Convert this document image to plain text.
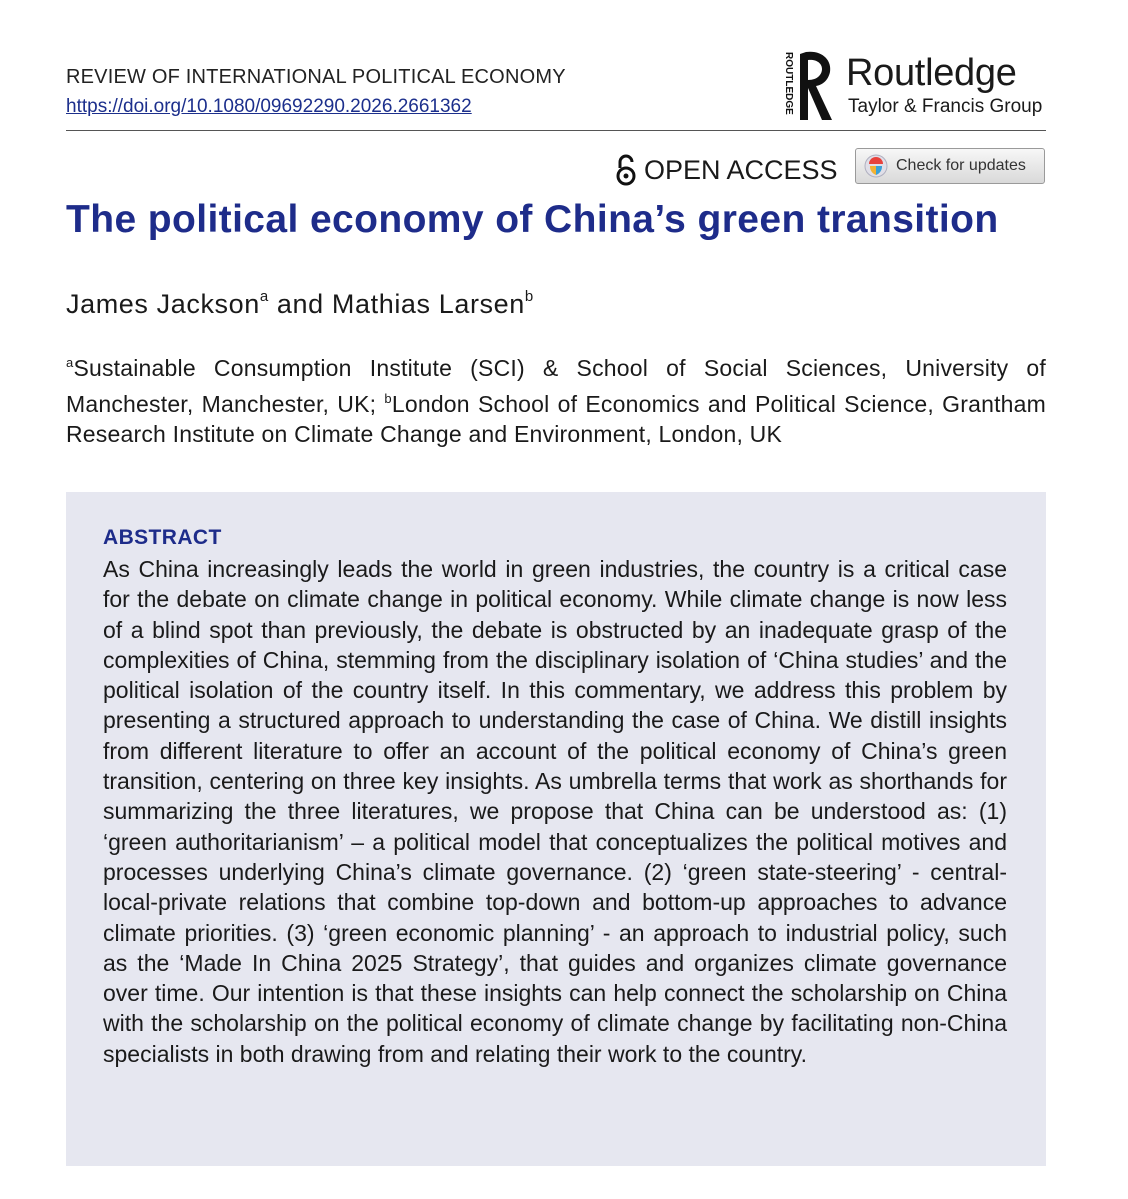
REVIEW OF INTERNATIONAL POLITICAL ECONOMY
https://doi.org/10.1080/09692290.2026.2661362	ROUTLEDGE Routledge
Taylor & Francis Group
OPEN ACCESS	Check for updates
The political economy of China’s green transition
James Jackson$^a$ and Mathias Larsen$^b$

$^a$Sustainable Consumption Institute (SCI) & School of Social Sciences, University of Manchester, Manchester, UK; $^b$London School of Economics and Political Science, Grantham Research Institute on Climate Change and Environment, London, UK

ABSTRACT

As China increasingly leads the world in green industries, the country is a critical case for the debate on climate change in political economy. While climate change is now less of a blind spot than previously, the debate is obstructed by an inadequate grasp of the complexities of China, stemming from the disciplinary isolation of ‘China studies’ and the political isolation of the country itself. In this commentary, we address this problem by presenting a structured approach to understanding the case of China. We distill insights from different literature to offer an account of the political economy of China’s green transition, centering on three key insights. As umbrella terms that work as shorthands for summarizing the three literatures, we propose that China can be understood as: (1) ‘green authoritarianism’ – a political model that conceptualizes the political motives and processes underlying China’s climate governance. (2) ‘green state-steering’ - central-local-private relations that combine top-down and bottom-up approaches to advance climate priorities. (3) ‘green economic planning’ - an approach to industrial policy, such as the ‘Made In China 2025 Strategy’, that guides and organizes climate governance over time. Our intention is that these insights can help connect the scholarship on China with the scholarship on the political economy of climate change by facilitating non-China specialists in both drawing from and relating their work to the country.
